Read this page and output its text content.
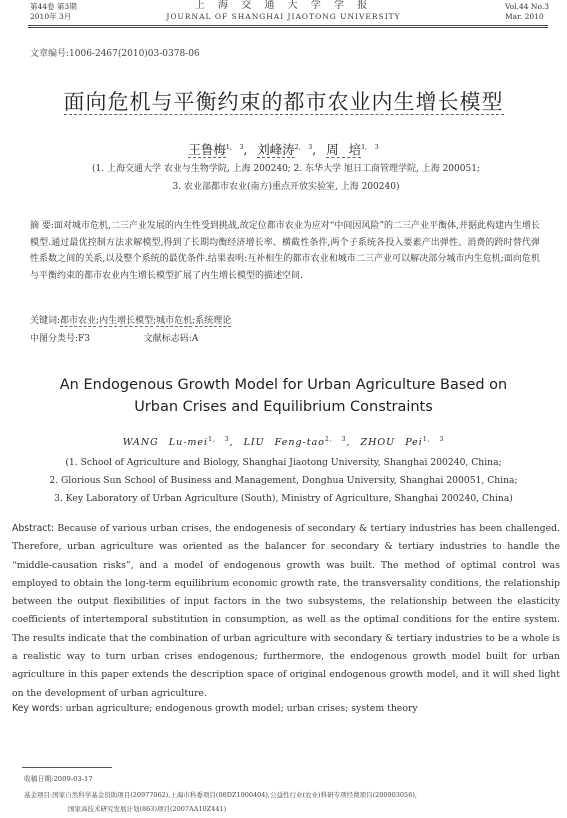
第44卷 第3期
2010年 3月
上 海 交 通 大 学 学 报
JOURNAL OF SHANGHAI JIAOTONG UNIVERSITY
Vol.44 No.3
Mar. 2010
文章编号:1006-2467(2010)03-0378-06
面向危机与平衡约束的都市农业内生增长模型
王鲁梅$^{1, 3}$, 刘峰涛$^{2, 3}$, 周 培$^{1, 3}$
(1. 上海交通大学 农业与生物学院, 上海 200240; 2. 东华大学 旭日工商管理学院, 上海 200051;
3. 农业部都市农业(南方)重点开放实验室, 上海 200240)
摘 要:面对城市危机,二三产业发展的内生性受到挑战,故定位都市农业为应对“中间因风险”的二三产业平衡体,并据此构建内生增长模型.通过最优控制方法求解模型,得到了长期均衡经济增长率、横截性条件,两个子系统各投入要素产出弹性、消费的跨时替代弹性系数之间的关系,以及整个系统的最优条件.结果表明:互补相生的都市农业和城市二三产业可以解决部分城市内生危机;面向危机与平衡约束的都市农业内生增长模型扩展了内生增长模型的描述空间.
关键词:都市农业;内生增长模型;城市危机;系统理论
中图分类号:F3	文献标志码:A
An Endogenous Growth Model for Urban Agriculture Based on
Urban Crises and Equilibrium Constraints
WANG Lu-mei$^{1, 3}$, LIU Feng-tao$^{2, 3}$, ZHOU Pei$^{1, 3}$
(1. School of Agriculture and Biology, Shanghai Jiaotong University, Shanghai 200240, China;
2. Glorious Sun School of Business and Management, Donghua University, Shanghai 200051, China;
3. Key Laboratory of Urban Agriculture (South), Ministry of Agriculture, Shanghai 200240, China)
Abstract: Because of various urban crises, the endogenesis of secondary & tertiary industries has been challenged. Therefore, urban agriculture was oriented as the balancer for secondary & tertiary industries to handle the “middle-causation risks”, and a model of endogenous growth was built. The method of optimal control was employed to obtain the long-term equilibrium economic growth rate, the transversality conditions, the relationship between the output flexibilities of input factors in the two subsystems, the relationship between the elasticity coefficients of intertemporal substitution in consumption, as well as the optimal conditions for the entire system. The results indicate that the combination of urban agriculture with secondary & tertiary industries to be a whole is a realistic way to turn urban crises endogenous; furthermore, the endogenous growth model built for urban agriculture in this paper extends the description space of original endogenous growth model, and it will shed light on the development of urban agriculture.
Key words: urban agriculture; endogenous growth model; urban crises; system theory
收稿日期:2009-03-17
基金项目:国家自然科学基金资助项目(20977062),上海市科委项目(08DZ1900404),公益性行业(农业)科研专项经费项目(200903056),
国家高技术研究发展计划(863)项目(2007AA10Z441)
